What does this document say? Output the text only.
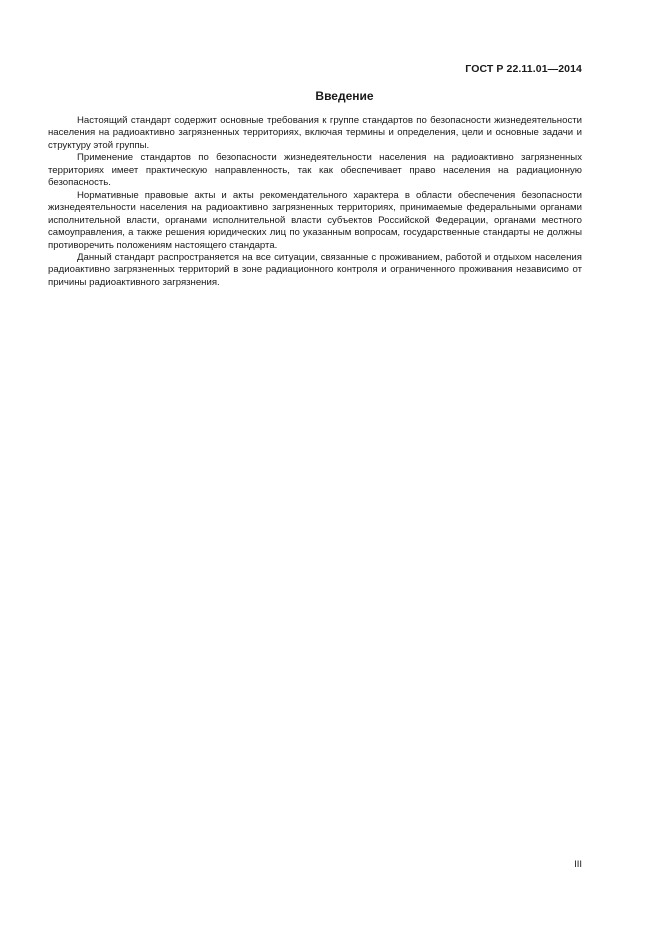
ГОСТ Р 22.11.01—2014
Введение

Настоящий стандарт содержит основные требования к группе стандартов по безопасности жизнедеятельности населения на радиоактивно загрязненных территориях, включая термины и определения, цели и основные задачи и структуру этой группы.

Применение стандартов по безопасности жизнедеятельности населения на радиоактивно загрязненных территориях имеет практическую направленность, так как обеспечивает право населения на радиационную безопасность.

Нормативные правовые акты и акты рекомендательного характера в области обеспечения безопасности жизнедеятельности населения на радиоактивно загрязненных территориях, принимаемые федеральными органами исполнительной власти, органами исполнительной власти субъектов Российской Федерации, органами местного самоуправления, а также решения юридических лиц по указанным вопросам, государственные стандарты не должны противоречить положениям настоящего стандарта.

Данный стандарт распространяется на все ситуации, связанные с проживанием, работой и отдыхом населения радиоактивно загрязненных территорий в зоне радиационного контроля и ограниченного проживания независимо от причины радиоактивного загрязнения.

III
